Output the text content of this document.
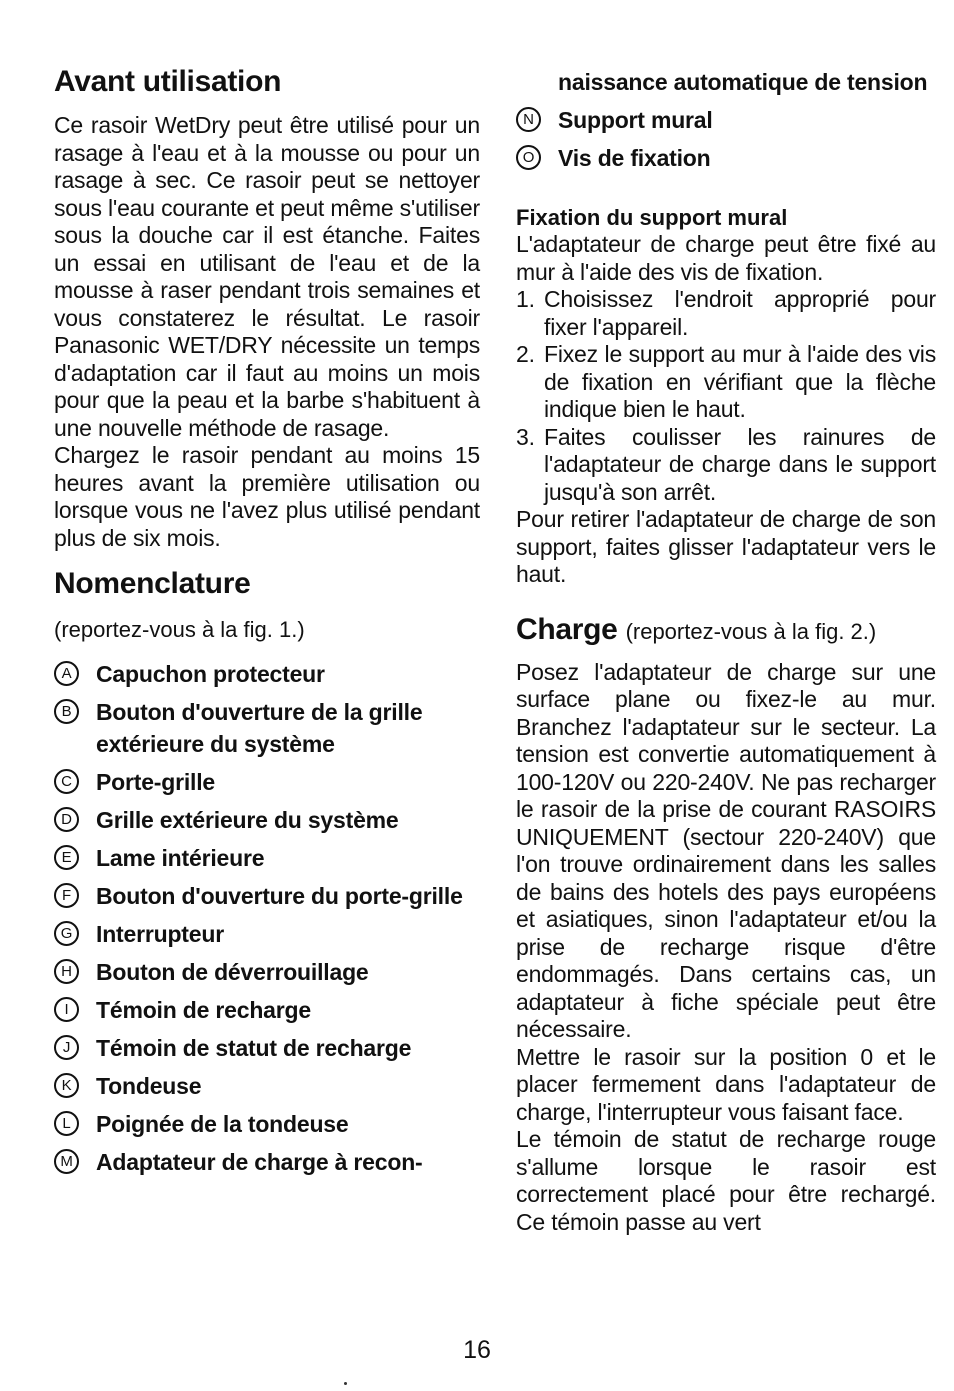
Avant utilisation

Ce rasoir WetDry peut être utilisé pour un rasage à l'eau et à la mousse ou pour un rasage à sec. Ce rasoir peut se nettoyer sous l'eau courante et peut même s'utiliser sous la douche car il est étanche. Faites un essai en utilisant de l'eau et de la mousse à raser pendant trois semaines et vous constaterez le résultat. Le rasoir Panasonic WET/DRY nécessite un temps d'adaptation car il faut au moins un mois pour que la peau et la barbe s'habituent à une nouvelle méthode de rasage.

Chargez le rasoir pendant au moins 15 heures avant la première utilisation ou lorsque vous ne l'avez plus utilisé pendant plus de six mois.

Nomenclature

(reportez-vous à la fig. 1.)

A	Capuchon protecteur
B	Bouton d'ouverture de la grille extérieure du système
C	Porte-grille
D	Grille extérieure du système
E	Lame intérieure
F	Bouton d'ouverture du porte-grille
G Interrupteur
H	Bouton de déverrouillage
I	Témoin de recharge
J	Témoin de statut de recharge
K	Tondeuse
L	Poignée de la tondeuse
M Adaptateur de charge à recon-
naissance automatique de tension
N	Support mural
O Vis de fixation
Fixation du support mural

L'adaptateur de charge peut être fixé au mur à l'aide des vis de fixation.

1. Choisissez l'endroit approprié pour fixer l'appareil.
2. Fixez le support au mur à l'aide des vis de fixation en vérifiant que la flèche indique bien le haut.
3. Faites coulisser les rainures de l'adaptateur de charge dans le support jusqu'à son arrêt.

Pour retirer l'adaptateur de charge de son support, faites glisser l'adaptateur vers le haut.

Charge (reportez-vous à la fig. 2.)

Posez l'adaptateur de charge sur une surface plane ou fixez-le au mur. Branchez l'adaptateur sur le secteur. La tension est convertie automatiquement à 100-120V ou 220-240V. Ne pas recharger le rasoir de la prise de courant RASOIRS UNIQUEMENT (sectour 220-240V) que l'on trouve ordinairement dans les salles de bains des hotels des pays européens et asiatiques, sinon l'adaptateur et/ou la prise de recharge risque d'être endommagés. Dans certains cas, un adaptateur à fiche spéciale peut être nécessaire.

Mettre le rasoir sur la position 0 et le placer fermement dans l'adaptateur de charge, l'interrupteur vous faisant face.

Le témoin de statut de recharge rouge s'allume lorsque le rasoir est correctement placé pour être rechargé. Ce témoin passe au vert

16
